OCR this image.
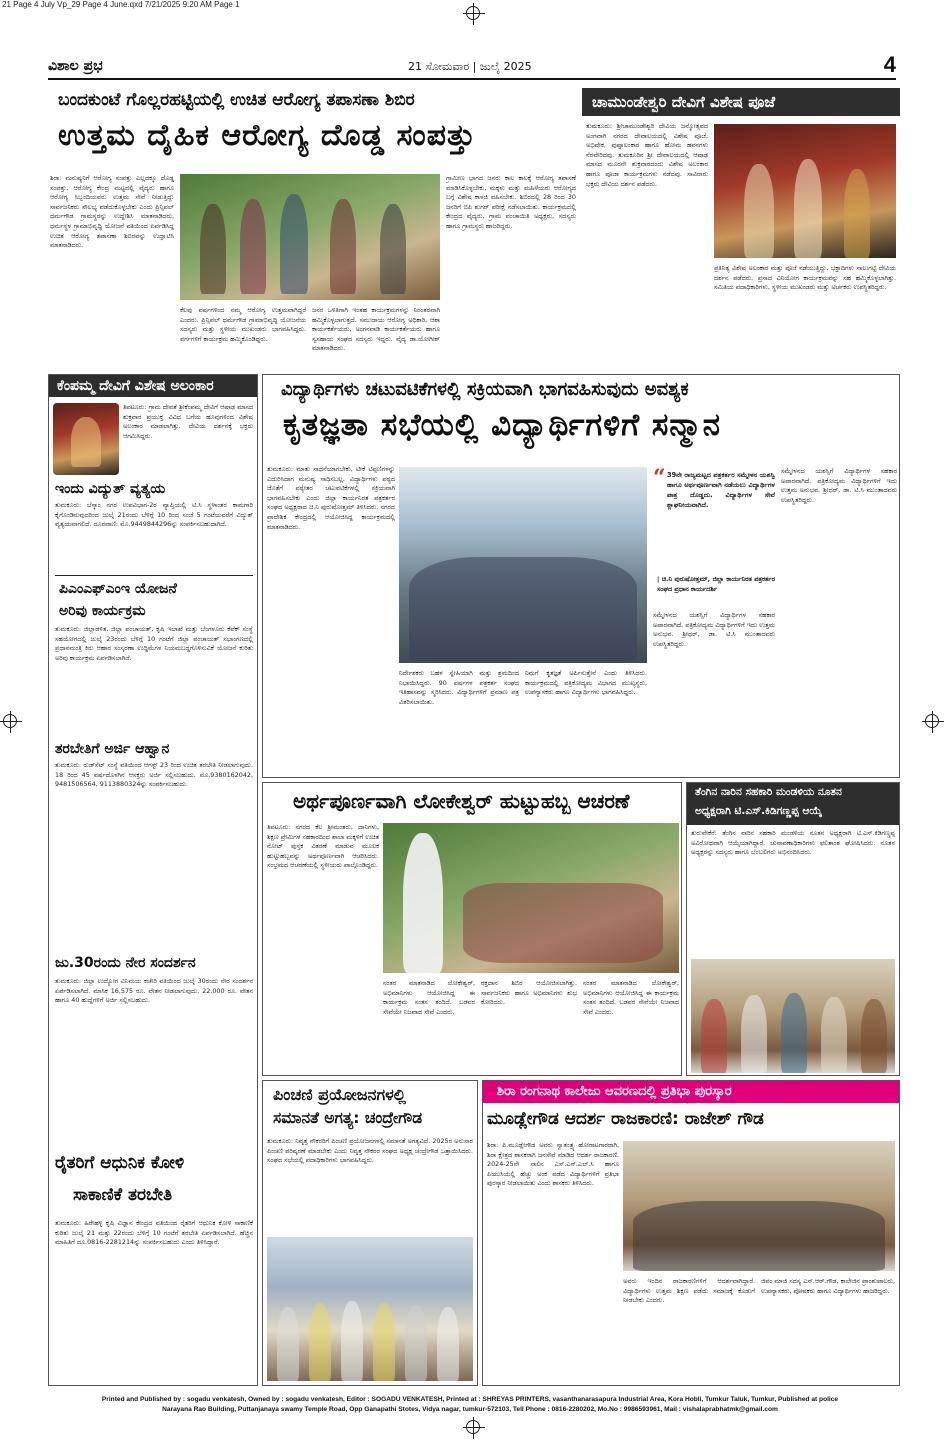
21 Page 4 July Vp_29 Page 4 June.qxd 7/21/2025 9:20 AM Page 1
ವಿಶಾಲ ಪ್ರಭ	21 ಸೋಮವಾರ | ಜುಲೈ 2025	4
ಬಂದಕುಂಟೆ ಗೊಲ್ಲರಹಟ್ಟಿಯಲ್ಲಿ ಉಚಿತ ಆರೋಗ್ಯ ತಪಾಸಣಾ ಶಿಬಿರ
ಉತ್ತಮ ದೈಹಿಕ ಆರೋಗ್ಯ ದೊಡ್ಡ ಸಂಪತ್ತು
ಶಿರಾ: ಮನುಷ್ಯನಿಗೆ ಆರೋಗ್ಯ ಸಂಪತ್ತು ಎಲ್ಲದಕ್ಕೂ ದೊಡ್ಡ ಸಂಪತ್ತು, ಆರೋಗ್ಯ ಕೇಂದ್ರ ಮಟ್ಟದಲ್ಲಿ ವೈದ್ಯರು ಹಾಗೂ ಆರೋಗ್ಯ ಸಿಬ್ಬಂದಿಯವರು ಉತ್ತಮ ಸೇವೆ ನೀಡುತ್ತಿದ್ದು ಸಾರ್ವಜನಿಕರು ಸೌಲಭ್ಯ ಪಡೆದುಕೊಳ್ಳಬೇಕು ಎಂದು ಪ್ರಿನ್ಸಿಪಲ್ ಧರ್ಮಗೌಡ ಗ್ರಾಮಸ್ಥರನ್ನು ಉದ್ದೇಶಿಸಿ ಮಾತನಾಡಿದರು. ಧರ್ಮಸ್ಥಳ ಗ್ರಾಮಾಭಿವೃದ್ಧಿ ಯೋಜನೆ ವತಿಯಿಂದ ಏರ್ಪಡಿಸಿದ್ದ ಉಚಿತ ಆರೋಗ್ಯ ತಪಾಸಣಾ ಶಿಬಿರವನ್ನು ಉದ್ಘಾಟಿಸಿ ಮಾತನಾಡಿದರು.
ಗ್ರಾಮೀಣ ಭಾಗದ ಜನರು ಕಾಲ ಕಾಲಕ್ಕೆ ಆರೋಗ್ಯ ತಪಾಸಣೆ ಮಾಡಿಸಿಕೊಳ್ಳಬೇಕು, ಮಕ್ಕಳು ಮತ್ತು ಮಹಿಳೆಯರು ಆರೋಗ್ಯದ ಬಗ್ಗೆ ವಿಶೇಷ ಕಾಳಜಿ ವಹಿಸಬೇಕು. ಶಿಬಿರದಲ್ಲಿ 28 ರಿಂದ 30 ಜನರಿಗೆ ಬಿಪಿ ಶುಗರ್ ಪರೀಕ್ಷೆ ನಡೆಸಲಾಯಿತು. ಕಾರ್ಯಕ್ರಮದಲ್ಲಿ ಕೇಂದ್ರದ ವೈದ್ಯರು, ಗ್ರಾಮ ಪಂಚಾಯಿತಿ ಅಧ್ಯಕ್ಷರು, ಸದಸ್ಯರು ಹಾಗೂ ಗ್ರಾಮಸ್ಥರು ಹಾಜರಿದ್ದರು.
ಕೆಲವು ವರ್ಷಗಳಿಂದ ನಮ್ಮ ಆರೋಗ್ಯ ಉತ್ತಮವಾಗಿದ್ದರೆ ಎಂದರು. ಪ್ರಿನ್ಸಿಪಲ್ ಧರ್ಮಗೌಡ ಗ್ರಾಮಾಭಿವೃದ್ಧಿ ಯೋಜನೆಯ ಸದಸ್ಯರು ಮತ್ತು ಸ್ಥಳೀಯ ಮುಖಂಡರು ಭಾಗವಹಿಸಿದ್ದರು. ವರ್ಗಗಳಿಗೆ ಕಾರ್ಯಕ್ರಮ ಹಮ್ಮಿಕೊಂಡಿದ್ದರು.
ಜನರ ಒಳಿತಿಗಾಗಿ ಇಂತಹ ಕಾರ್ಯಕ್ರಮಗಳನ್ನು ನಿರಂತರವಾಗಿ ಹಮ್ಮಿಕೊಳ್ಳಲಾಗುತ್ತದೆ. ಸಮುದಾಯ ಆರೋಗ್ಯ ಅಧಿಕಾರಿ, ಆಶಾ ಕಾರ್ಯಕರ್ತೆಯರು, ಅಂಗನವಾಡಿ ಕಾರ್ಯಕರ್ತೆಯರು ಹಾಗೂ ಸ್ವಸಹಾಯ ಸಂಘದ ಸದಸ್ಯರು ಇದ್ದರು. ವೈದ್ಯ ಡಾ.ಯೋಗೀಶ್ ಮಾತನಾಡಿದರು.
ಚಾಮುಂಡೇಶ್ವರಿ ದೇವಿಗೆ ವಿಶೇಷ ಪೂಜೆ
ತುಮಕೂರು: ಶ್ರೀಚಾಮುಂಡೇಶ್ವರಿ ದೇವಿಯ ಜನ್ಮೋತ್ಸವದ ಅಂಗವಾಗಿ ನಗರದ ದೇವಾಲಯದಲ್ಲಿ ವಿಶೇಷ ಪೂಜೆ, ಅಭಿಷೇಕ, ಪುಷ್ಪಾಲಂಕಾರ ಹಾಗೂ ಹೋಮ ಹವನಗಳು ನೆರವೇರಿದವು. ತುಮಕೂರಿನ ಶ್ರೀ ದೇವಾಲಯದಲ್ಲಿ ಆಷಾಢ ಮಾಸದ ಮೂರನೇ ಶುಕ್ರವಾರದಂದು ವಿಶೇಷ ಅಲಂಕಾರ ಹಾಗೂ ಪೂಜಾ ಕಾರ್ಯಕ್ರಮಗಳು ನಡೆದವು. ಸಾವಿರಾರು ಭಕ್ತರು ದೇವಿಯ ದರ್ಶನ ಪಡೆದರು.
ಪ್ರತಿನಿತ್ಯ ವಿಶೇಷ ಅಲಂಕಾರ ಮತ್ತು ಪೂಜೆ ನಡೆಯುತ್ತಿದ್ದು, ಭಕ್ತಾದಿಗಳು ಸಾಲುಗಟ್ಟಿ ದೇವಿಯ ದರ್ಶನ ಪಡೆದರು. ಪ್ರಸಾದ ವಿನಿಯೋಗ ಕಾರ್ಯಕ್ರಮವನ್ನು ಸಹ ಹಮ್ಮಿಕೊಳ್ಳಲಾಗಿತ್ತು. ಸಮಿತಿಯ ಪದಾಧಿಕಾರಿಗಳು, ಸ್ಥಳೀಯ ಮುಖಂಡರು ಮತ್ತು ಅರ್ಚಕರು ಉಪಸ್ಥಿತರಿದ್ದರು.
ಕೆಂಪಮ್ಮ ದೇವಿಗೆ ವಿಶೇಷ ಅಲಂಕಾರ
ತಿಪಟೂರು: ಗ್ರಾಮ ದೇವತೆ ಶ್ರೀಕೆಂಪಮ್ಮ ದೇವಿಗೆ ಆಷಾಢ ಮಾಸದ ಶುಕ್ರವಾರ ಪ್ರಯುಕ್ತ ವಿವಿಧ ಬಗೆಯ ಹೂವುಗಳಿಂದ ವಿಶೇಷ ಅಲಂಕಾರ ಮಾಡಲಾಗಿತ್ತು. ದೇವಿಯ ದರ್ಶನಕ್ಕೆ ಭಕ್ತರು ಆಗಮಿಸಿದ್ದರು.
ಇಂದು ವಿದ್ಯುತ್ ವ್ಯತ್ಯಯ
ತುಮಕೂರು: ಬೆಸ್ಕಾಂ ನಗರ ಉಪವಿಭಾಗ-2ರ ವ್ಯಾಪ್ತಿಯಲ್ಲಿ ಟಿ.ಸಿ ಸ್ಥಳಾಂತರ ಕಾಮಗಾರಿ ಕೈಗೊಂಡಿರುವುದರಿಂದ ಜುಲೈ 21ರಂದು ಬೆಳಿಗ್ಗೆ 10 ರಿಂದ ಸಂಜೆ 5 ಗಂಟೆಯವರೆಗೆ ವಿದ್ಯುತ್ ವ್ಯತ್ಯಯವಾಗಲಿದೆ. ದೂರವಾಣಿ: ಮೊ.9449844296ನ್ನು ಸಂಪರ್ಕಿಸಬಹುದಾಗಿದೆ.
ಪಿಎಂಎಫ್‌ಎಂಇ ಯೋಜನೆ
ಅರಿವು ಕಾರ್ಯಕ್ರಮ
ತುಮಕೂರು: ಜಿಲ್ಲಾಡಳಿತ, ಜಿಲ್ಲಾ ಪಂಚಾಯತ್, ಕೃಷಿ ಇಲಾಖೆ ಮತ್ತು ಬೆಂಗಳೂರು ಕೆಪೆಕ್ ಸಂಸ್ಥೆ ಸಹಯೋಗದಲ್ಲಿ ಜುಲೈ 23ರಂದು ಬೆಳಿಗ್ಗೆ 10 ಗಂಟೆಗೆ ಜಿಲ್ಲಾ ಪಂಚಾಯತ್ ಸಭಾಂಗಣದಲ್ಲಿ ಪ್ರಧಾನಮಂತ್ರಿ ಕಿರು ಆಹಾರ ಸಂಸ್ಕರಣಾ ಉದ್ದಿಮೆಗಳ ನಿಯಮಬದ್ಧಗೊಳಿಸುವಿಕೆ ಯೋಜನೆ ಕುರಿತು ಅರಿವು ಕಾರ್ಯಕ್ರಮ ಏರ್ಪಡಿಸಲಾಗಿದೆ.
ತರಬೇತಿಗೆ ಅರ್ಜಿ ಆಹ್ವಾನ
ತುಮಕೂರು: ರುಡ್‌ಸೆಟ್ ಸಂಸ್ಥೆ ವತಿಯಿಂದ ಆಗಸ್ಟ್ 23 ರಿಂದ ಉಚಿತ ತರಬೇತಿ ನೀಡಲಾಗುವುದು. 18 ರಿಂದ 45 ವರ್ಷದೊಳಗಿನ ಆಸಕ್ತರು ಅರ್ಜಿ ಸಲ್ಲಿಸಬಹುದು. ಮೊ.9380162042, 9481506564, 9113880324ನ್ನು ಸಂಪರ್ಕಿಸಬಹುದು.
ಜು.30ರಂದು ನೇರ ಸಂದರ್ಶನ
ತುಮಕೂರು: ಜಿಲ್ಲಾ ಉದ್ಯೋಗ ವಿನಿಮಯ ಕಚೇರಿ ವತಿಯಿಂದ ಜುಲೈ 30ರಂದು ನೇರ ಸಂದರ್ಶನ ಏರ್ಪಡಿಸಲಾಗಿದೆ. ಮಾಸಿಕ 16,575 ರೂ. ವೇತನ ನೀಡಲಾಗುವುದು. 22,000 ರೂ. ವೇತನ ಹಾಗೂ 40 ಹುದ್ದೆಗಳಿಗೆ ಅರ್ಜಿ ಸಲ್ಲಿಸಬಹುದು.
ರೈತರಿಗೆ ಆಧುನಿಕ ಕೋಳಿ
ಸಾಕಾಣಿಕೆ ತರಬೇತಿ
ತುಮಕೂರು: ಹಿರೇಹಳ್ಳಿ ಕೃಷಿ ವಿಜ್ಞಾನ ಕೇಂದ್ರದ ವತಿಯಿಂದ ರೈತರಿಗೆ ಆಧುನಿಕ ಕೋಳಿ ಸಾಕಾಣಿಕೆ ಕುರಿತು ಜುಲೈ 21 ಮತ್ತು 22ರಂದು ಬೆಳಿಗ್ಗೆ 10 ಗಂಟೆಗೆ ತರಬೇತಿ ಏರ್ಪಡಿಸಲಾಗಿದೆ. ಹೆಚ್ಚಿನ ಮಾಹಿತಿಗೆ ದೂ.0816-2281214ನ್ನು ಸಂಪರ್ಕಿಸಬಹುದು ಎಂದು ತಿಳಿಸಿದ್ದಾರೆ.
ವಿದ್ಯಾರ್ಥಿಗಳು ಚಟುವಟಿಕೆಗಳಲ್ಲಿ ಸಕ್ರಿಯವಾಗಿ ಭಾಗವಹಿಸುವುದು ಅವಶ್ಯಕ
ಕೃತಜ್ಞತಾ ಸಭೆಯಲ್ಲಿ ವಿದ್ಯಾರ್ಥಿಗಳಿಗೆ ಸನ್ಮಾನ
ತುಮಕೂರು: ಮಾತು ಸಾಧನೆಯಾಗಬೇಕು, ಟೀಕೆ ಟಿಪ್ಪಣಿಗಳನ್ನು ಎದುರಿಸಿದಾಗ ಮನುಷ್ಯ ಸಾಧಿಸಬಲ್ಲ. ವಿದ್ಯಾರ್ಥಿಗಳು ಪಠ್ಯದ ಜೊತೆಗೆ ಪಠ್ಯೇತರ ಚಟುವಟಿಕೆಗಳಲ್ಲಿ ಸಕ್ರಿಯವಾಗಿ ಭಾಗವಹಿಸಬೇಕು ಎಂದು ಜಿಲ್ಲಾ ಕಾರ್ಯನಿರತ ಪತ್ರಕರ್ತರ ಸಂಘದ ಅಧ್ಯಕ್ಷರಾದ ಚಿ.ನಿ ಪುರುಷೋತ್ತಮ್ ತಿಳಿಸಿದರು. ನಗರದ ಪ್ರಾದೇಶಿಕ ಕೇಂದ್ರದಲ್ಲಿ ಆಯೋಜಿಸಿದ್ದ ಕಾರ್ಯಕ್ರಮದಲ್ಲಿ ಮಾತನಾಡಿದರು.
ನಿರ್ದೇಶಕರು ಬಹಳ ಸ್ನೇಹಿಯಾಗಿ ಮತ್ತು ಶ್ರಮದಿಂದ ನಿಭಾಯಿಸಿದ್ದರು. 90 ವರ್ಷಗಳ ಪತ್ರಕರ್ತ ಸಂಘದ ಇತಿಹಾಸವನ್ನು ಸ್ಮರಿಸಿದರು. ವಿದ್ಯಾರ್ಥಿಗಳಿಗೆ ಪ್ರಮಾಣ ಪತ್ರ ವಿತರಿಸಲಾಯಿತು.
ನಿಮಗೆ ಕೃತಜ್ಞತೆ ಅರ್ಪಿಸುತ್ತೇನೆ ಎಂದು ತಿಳಿಸಿದರು. ಕಾರ್ಯಕ್ರಮದಲ್ಲಿ ಪತ್ರಿಕೋದ್ಯಮ ವಿಭಾಗದ ಮುಖ್ಯಸ್ಥರು, ಉಪನ್ಯಾಸಕರು ಹಾಗೂ ವಿದ್ಯಾರ್ಥಿಗಳು ಭಾಗವಹಿಸಿದ್ದರು.
“ 39ನೇ ರಾಜ್ಯಮಟ್ಟದ ಪತ್ರಕರ್ತರ ಸಮ್ಮೇಳನ ಯಶಸ್ವಿ ಹಾಗೂ ಅರ್ಥಪೂರ್ಣವಾಗಿ ನಡೆಯಲು ವಿದ್ಯಾರ್ಥಿಗಳ ಪಾತ್ರ ದೊಡ್ಡದು. ವಿದ್ಯಾರ್ಥಿಗಳ ಸೇವೆ ಶ್ಲಾಘನೀಯವಾಗಿದೆ.
| ಚಿ.ನಿ ಪುರುಷೋತ್ತಮ್, ಜಿಲ್ಲಾ ಕಾರ್ಯನಿರತ ಪತ್ರಕರ್ತರ ಸಂಘದ ಪ್ರಧಾನ ಕಾರ್ಯದರ್ಶಿ
ಸಮ್ಮೇಳನದ ಯಶಸ್ಸಿಗೆ ವಿದ್ಯಾರ್ಥಿಗಳ ಸಹಕಾರ ಅಪಾರವಾಗಿದೆ. ಪತ್ರಿಕೋದ್ಯಮ ವಿದ್ಯಾರ್ಥಿಗಳಿಗೆ ಇದು ಉತ್ತಮ ಅನುಭವ. ಶ್ರೀಧರ್, ಡಾ. ಟಿ.ಸಿ ಮುಂತಾದವರು ಉಪಸ್ಥಿತರಿದ್ದರು.
ಸಮ್ಮೇಳನದ ಯಶಸ್ಸಿಗೆ ವಿದ್ಯಾರ್ಥಿಗಳ ಸಹಕಾರ ಅಪಾರವಾಗಿದೆ. ಪತ್ರಿಕೋದ್ಯಮ ವಿದ್ಯಾರ್ಥಿಗಳಿಗೆ ಇದು ಉತ್ತಮ ಅನುಭವ. ಶ್ರೀಧರ್, ಡಾ. ಟಿ.ಸಿ ಮುಂತಾದವರು ಉಪಸ್ಥಿತರಿದ್ದರು.
ಅರ್ಥಪೂರ್ಣವಾಗಿ ಲೋಕೇಶ್ವರ್ ಹುಟ್ಟುಹಬ್ಬ ಆಚರಣೆ
ತಿಪಟೂರು: ನಗರದ ಕೆಲ ಶ್ರೀಮಂತರು, ದಾನಿಗಳು, ಶಿಕ್ಷಣ ಪ್ರೇಮಿಗಳ ಸಹಕಾರದಿಂದ ಶಾಲಾ ಮಕ್ಕಳಿಗೆ ಉಚಿತ ನೋಟ್ ಪುಸ್ತಕ ವಿತರಣೆ ಮಾಡುವ ಮೂಲಕ ಹುಟ್ಟುಹಬ್ಬವನ್ನು ಅರ್ಥಪೂರ್ಣವಾಗಿ ಆಚರಿಸಿದರು. ಸಂಭ್ರಮದ ಆಚರಣೆಯಲ್ಲಿ ಸ್ಥಳೀಯರು ಪಾಲ್ಗೊಂಡಿದ್ದರು.
ನಂತರ ಮಾತನಾಡಿದ ಲೋಕೇಶ್ವರ್, ಅಭಿಮಾನಿಗಳು ಆಯೋಜಿಸಿದ್ದ ಈ ಕಾರ್ಯಕ್ರಮ ಸಂತಸ ತಂದಿದೆ. ಬಡವರ ಸೇವೆಯೇ ನಿಜವಾದ ಸೇವೆ ಎಂದರು.
ರಕ್ತದಾನ ಶಿಬಿರ ಆಯೋಜಿಸಲಾಗಿತ್ತು. ಸಾರ್ವಜನಿಕರು ಹಾಗೂ ಅಭಿಮಾನಿಗಳು ಶುಭ ಕೋರಿದರು.
ನಂತರ ಮಾತನಾಡಿದ ಲೋಕೇಶ್ವರ್, ಅಭಿಮಾನಿಗಳು ಆಯೋಜಿಸಿದ್ದ ಈ ಕಾರ್ಯಕ್ರಮ ಸಂತಸ ತಂದಿದೆ. ಬಡವರ ಸೇವೆಯೇ ನಿಜವಾದ ಸೇವೆ ಎಂದರು.
ತೆಂಗಿನ ನಾರಿನ ಸಹಕಾರಿ ಮಂಡಳಿಯ ನೂತನ
ಅಧ್ಯಕ್ಷರಾಗಿ ಟಿ.ಎಸ್.ಕಿಡಿಗಣ್ಣಪ್ಪ ಆಯ್ಕೆ
ತುರುವೇಕೆರೆ: ತೆಂಗಿನ ನಾರಿನ ಸಹಕಾರಿ ಮಂಡಳಿಯ ನೂತನ ಅಧ್ಯಕ್ಷರಾಗಿ ಟಿ.ಎಸ್.ಕಿಡಿಗಣ್ಣಪ್ಪ ಅವಿರೋಧವಾಗಿ ಆಯ್ಕೆಯಾಗಿದ್ದಾರೆ. ಚುನಾವಣಾಧಿಕಾರಿಗಳು ಫಲಿತಾಂಶ ಘೋಷಿಸಿದರು. ನೂತನ ಅಧ್ಯಕ್ಷರನ್ನು ಸದಸ್ಯರು ಹಾಗೂ ಬೆಂಬಲಿಗರು ಅಭಿನಂದಿಸಿದರು.
ಪಿಂಚಣಿ ಪ್ರಯೋಜನಗಳಲ್ಲಿ
ಸಮಾನತೆ ಅಗತ್ಯ: ಚಂದ್ರೇಗೌಡ
ತುಮಕೂರು: ನಿವೃತ್ತ ನೌಕರರಿಗೆ ಪಿಂಚಣಿ ಪ್ರಯೋಜನಗಳಲ್ಲಿ ಸಮಾನತೆ ಅಗತ್ಯವಿದೆ. 2025ರ ಅನುಸಾರ ಪಿಂಚಣಿ ಪರಿಷ್ಕರಣೆ ಮಾಡಬೇಕು ಎಂದು ನಿವೃತ್ತ ನೌಕರರ ಸಂಘದ ಅಧ್ಯಕ್ಷ ಚಂದ್ರೇಗೌಡ ಒತ್ತಾಯಿಸಿದರು. ಸಂಘದ ಸಭೆಯಲ್ಲಿ ಪದಾಧಿಕಾರಿಗಳು ಭಾಗವಹಿಸಿದ್ದರು.
ಶಿರಾ ರಂಗನಾಥ ಕಾಲೇಜು ಆವರಣದಲ್ಲಿ ಪ್ರತಿಭಾ ಪುರಸ್ಕಾರ
ಮೂಡ್ಲೇಗೌಡ ಆದರ್ಶ ರಾಜಕಾರಣಿ: ರಾಜೇಶ್ ಗೌಡ
ಶಿರಾ: ಪಿ.ಮೂಡ್ಲೇಗೌಡ ಅವರು ಸ್ವಾತಂತ್ರ್ಯ ಹೋರಾಟಗಾರರಾಗಿ, ಶಿರಾ ಕ್ಷೇತ್ರದ ಶಾಸಕರಾಗಿ ಜನಸೇವೆ ಮಾಡಿದ ಆದರ್ಶ ರಾಜಕಾರಣಿ. 2024-25ನೇ ಸಾಲಿನ ಎಸ್.ಎಸ್.ಎಲ್.ಸಿ ಹಾಗೂ ಪಿಯುಸಿಯಲ್ಲಿ ಹೆಚ್ಚು ಅಂಕ ಪಡೆದ ವಿದ್ಯಾರ್ಥಿಗಳಿಗೆ ಪ್ರತಿಭಾ ಪುರಸ್ಕಾರ ನೀಡಲಾಯಿತು ಎಂದು ಶಾಸಕರು ತಿಳಿಸಿದರು.
ಅವರು ಇಂದಿನ ರಾಜಕಾರಣಿಗಳಿಗೆ ಆದರ್ಶವಾಗಿದ್ದಾರೆ. ವಿದ್ಯಾರ್ಥಿಗಳು ಉತ್ತಮ ಶಿಕ್ಷಣ ಪಡೆದು ಸಮಾಜಕ್ಕೆ ಕೊಡುಗೆ ನೀಡಬೇಕು ಎಂದರು.
ಜಿಪಂ ಮಾಜಿ ಸದಸ್ಯ ಎಸ್.ಆರ್.ಗೌಡ, ಕಾಲೇಜಿನ ಪ್ರಾಂಶುಪಾಲರು, ಉಪನ್ಯಾಸಕರು, ಪೋಷಕರು ಹಾಗೂ ವಿದ್ಯಾರ್ಥಿಗಳು ಹಾಜರಿದ್ದರು.
Printed and Published by : sogadu venkatesh, Owned by : sogadu venkatesh, Editor : SOGADU VENKATESH, Printed at : SHREYAS PRINTERS, vasanthanarasapura Industrial Area, Kora Hobli, Tumkur Taluk, Tumkur, Published at police
Narayana Rao Building, Puttanjanaya swamy Temple Road, Opp Ganapathi Stotes, Vidya nagar, tumkur-572103, Tell Phone : 0816-2280202, Mo.No : 9986593961, Mail : vishalaprabhatmk@gmail.com
